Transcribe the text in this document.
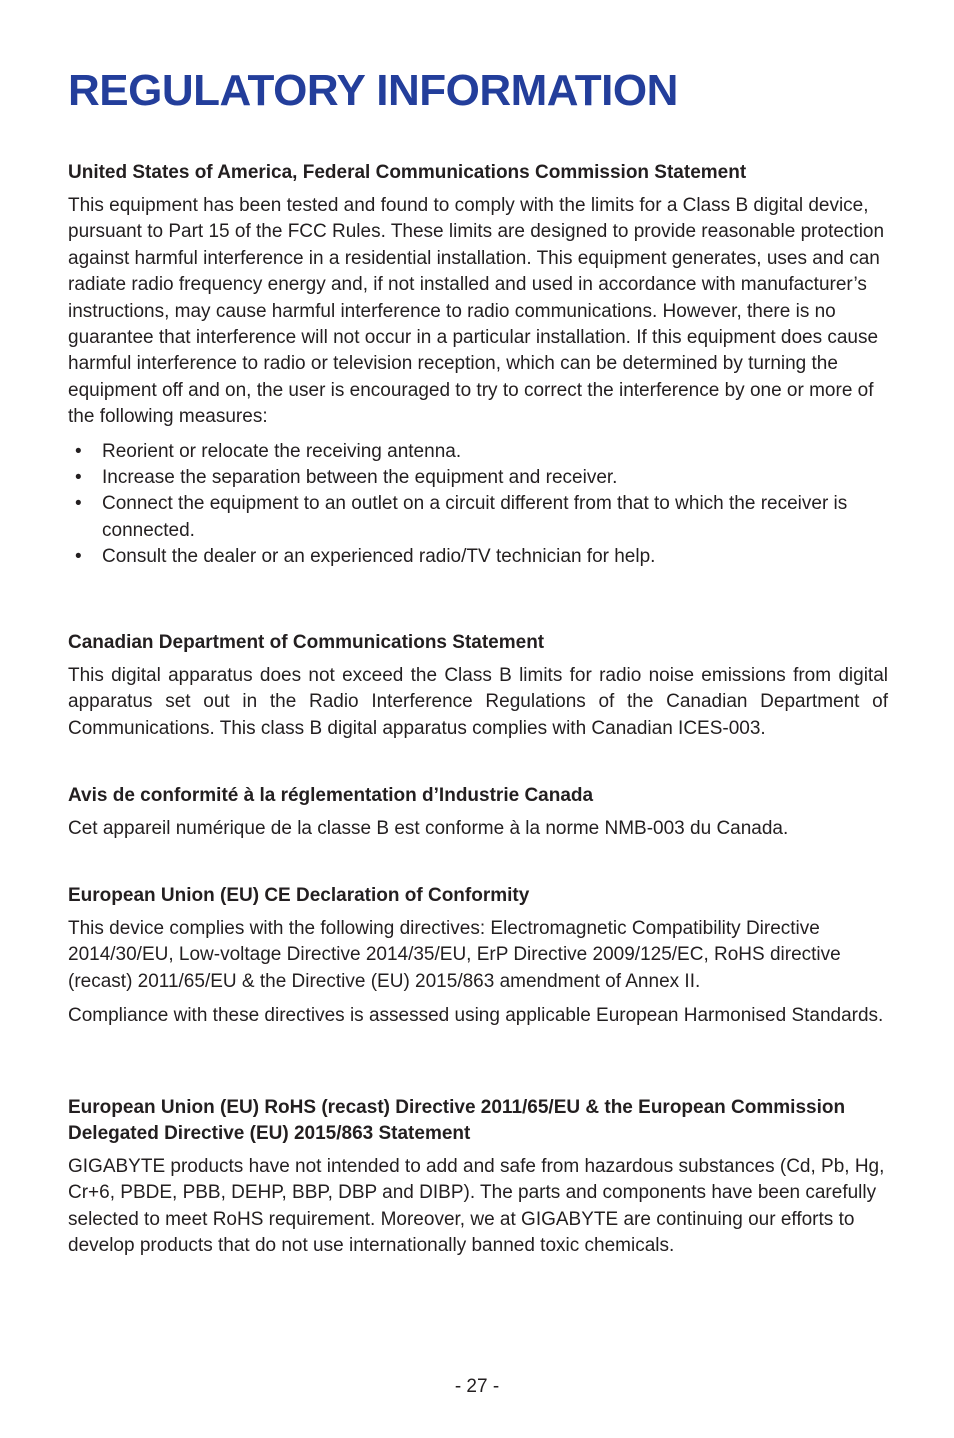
REGULATORY INFORMATION
United States of America, Federal Communications Commission Statement

This equipment has been tested and found to comply with the limits for a Class B digital device, pursuant to Part 15 of the FCC Rules. These limits are designed to provide reasonable protection against harmful interference in a residential installation. This equipment generates, uses and can radiate radio frequency energy and, if not installed and used in accordance with manufacturer’s instructions, may cause harmful interference to radio communications. However, there is no guarantee that interference will not occur in a particular installation. If this equipment does cause harmful interference to radio or television reception, which can be determined by turning the equipment off and on, the user is encouraged to try to correct the interference by one or more of the following measures:

• Reorient or relocate the receiving antenna.
• Increase the separation between the equipment and receiver.
• Connect the equipment to an outlet on a circuit different from that to which the receiver is connected.
• Consult the dealer or an experienced radio/TV technician for help.
Canadian Department of Communications Statement

This digital apparatus does not exceed the Class B limits for radio noise emissions from digital apparatus set out in the Radio Interference Regulations of the Canadian Department of Communications. This class B digital apparatus complies with Canadian ICES-003.

Avis de conformité à la réglementation d’Industrie Canada

Cet appareil numérique de la classe B est conforme à la norme NMB-003 du Canada.

European Union (EU) CE Declaration of Conformity

This device complies with the following directives: Electromagnetic Compatibility Directive 2014/30/EU, Low-voltage Directive 2014/35/EU, ErP Directive 2009/125/EC, RoHS directive (recast) 2011/65/EU & the Directive (EU) 2015/863 amendment of Annex II.

Compliance with these directives is assessed using applicable European Harmonised Standards.

European Union (EU) RoHS (recast) Directive 2011/65/EU & the European Commission Delegated Directive (EU) 2015/863 Statement

GIGABYTE products have not intended to add and safe from hazardous substances (Cd, Pb, Hg, Cr+6, PBDE, PBB, DEHP, BBP, DBP and DIBP). The parts and components have been carefully selected to meet RoHS requirement. Moreover, we at GIGABYTE are continuing our efforts to develop products that do not use internationally banned toxic chemicals.

- 27 -
